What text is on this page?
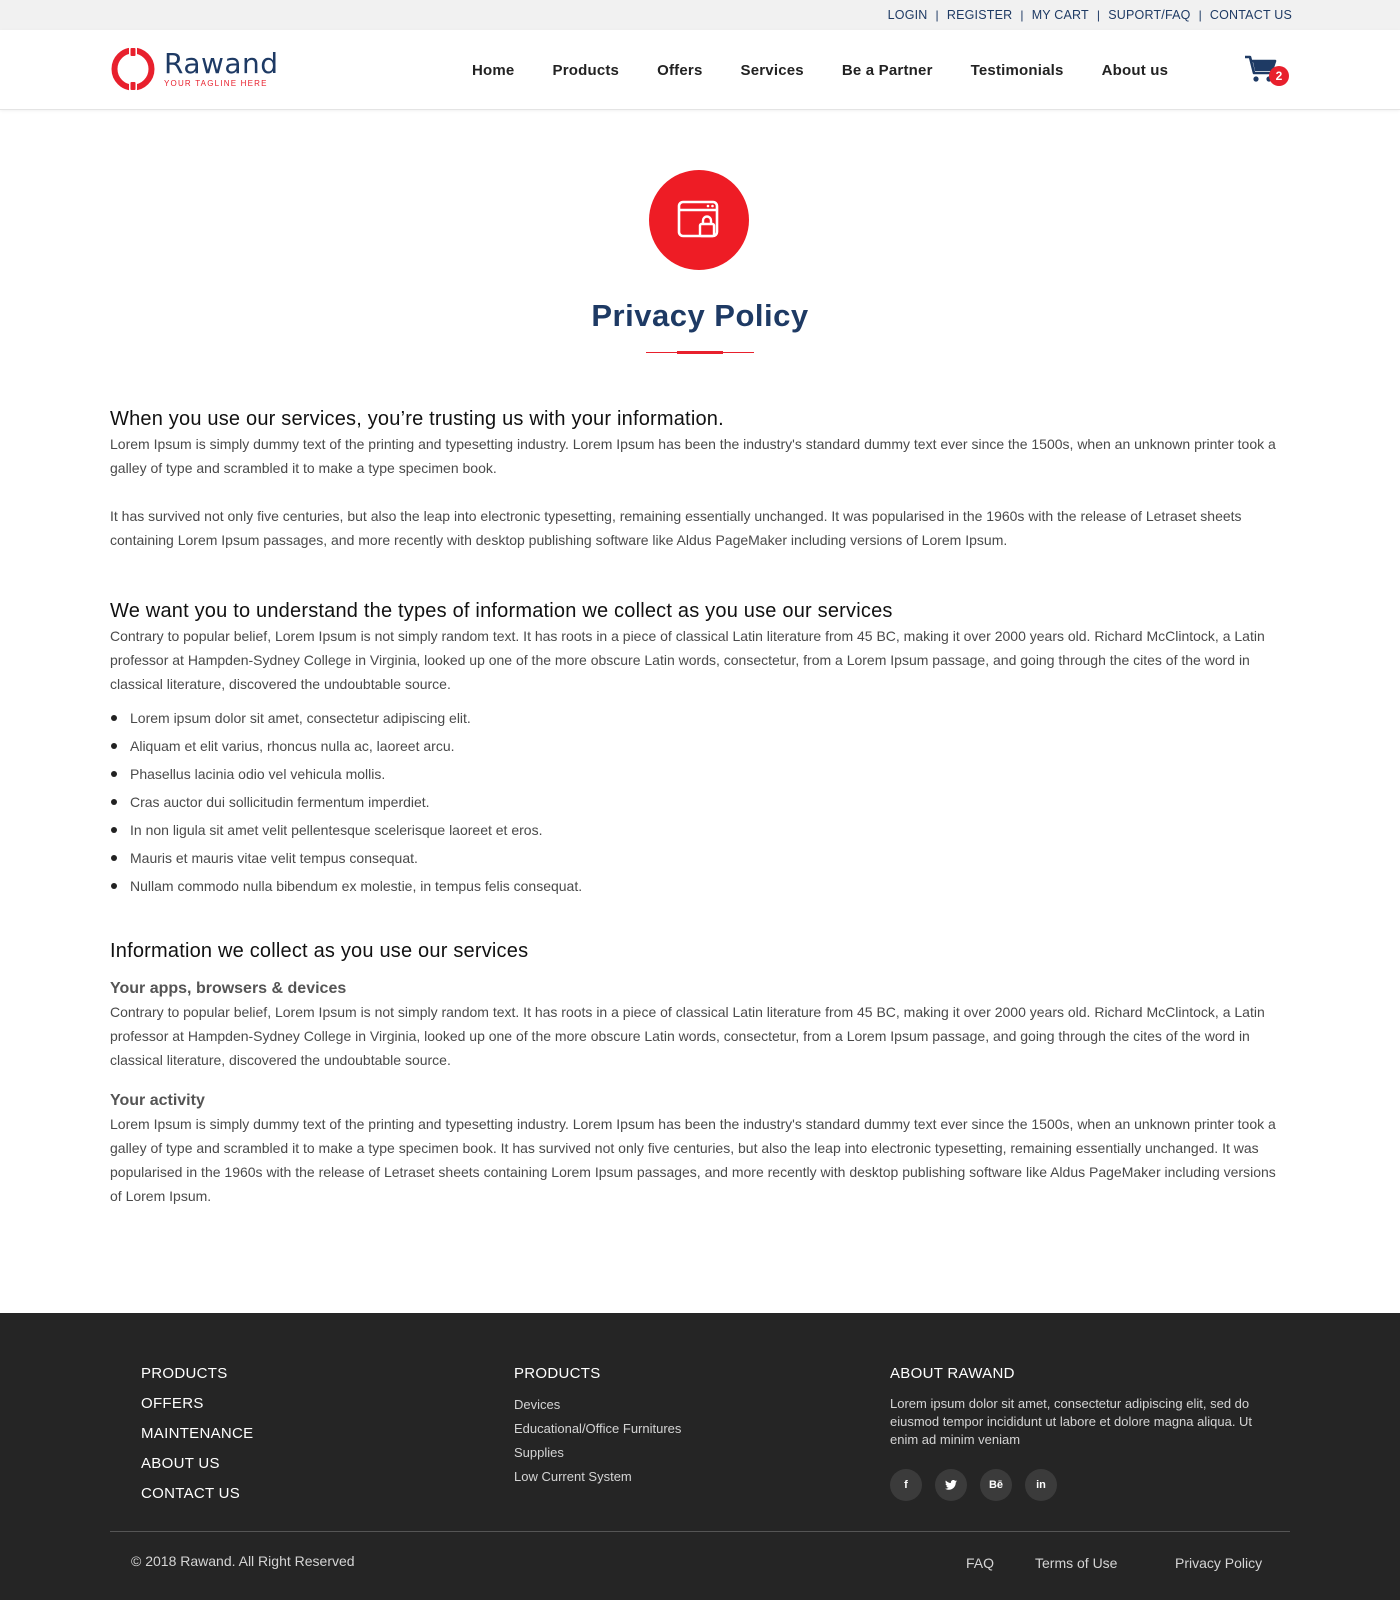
LOGIN | REGISTER | MY CART | SUPORT/FAQ | CONTACT US
Rawand
YOUR TAGLINE HERE
Home	Products	Offers	Services	Be a Partner	Testimonials	About us	2
Privacy Policy
When you use our services, you’re trusting us with your information.

Lorem Ipsum is simply dummy text of the printing and typesetting industry. Lorem Ipsum has been the industry's standard dummy text ever since the 1500s, when an unknown printer took a galley of type and scrambled it to make a type specimen book.

It has survived not only five centuries, but also the leap into electronic typesetting, remaining essentially unchanged. It was popularised in the 1960s with the release of Letraset sheets containing Lorem Ipsum passages, and more recently with desktop publishing software like Aldus PageMaker including versions of Lorem Ipsum.

We want you to understand the types of information we collect as you use our services

Contrary to popular belief, Lorem Ipsum is not simply random text. It has roots in a piece of classical Latin literature from 45 BC, making it over 2000 years old. Richard McClintock, a Latin professor at Hampden-Sydney College in Virginia, looked up one of the more obscure Latin words, consectetur, from a Lorem Ipsum passage, and going through the cites of the word in classical literature, discovered the undoubtable source.

Lorem ipsum dolor sit amet, consectetur adipiscing elit.
Aliquam et elit varius, rhoncus nulla ac, laoreet arcu.
Phasellus lacinia odio vel vehicula mollis.
Cras auctor dui sollicitudin fermentum imperdiet.
In non ligula sit amet velit pellentesque scelerisque laoreet et eros.
Mauris et mauris vitae velit tempus consequat.
Nullam commodo nulla bibendum ex molestie, in tempus felis consequat.
Information we collect as you use our services
Your apps, browsers & devices

Contrary to popular belief, Lorem Ipsum is not simply random text. It has roots in a piece of classical Latin literature from 45 BC, making it over 2000 years old. Richard McClintock, a Latin professor at Hampden-Sydney College in Virginia, looked up one of the more obscure Latin words, consectetur, from a Lorem Ipsum passage, and going through the cites of the word in classical literature, discovered the undoubtable source.

Your activity

Lorem Ipsum is simply dummy text of the printing and typesetting industry. Lorem Ipsum has been the industry's standard dummy text ever since the 1500s, when an unknown printer took a galley of type and scrambled it to make a type specimen book. It has survived not only five centuries, but also the leap into electronic typesetting, remaining essentially unchanged. It was popularised in the 1960s with the release of Letraset sheets containing Lorem Ipsum passages, and more recently with desktop publishing software like Aldus PageMaker including versions of Lorem Ipsum.

PRODUCTS
OFFERS
MAINTENANCE
ABOUT US
CONTACT US
PRODUCTS
Devices
Educational/Office Furnitures
Supplies
Low Current System
ABOUT RAWAND
Lorem ipsum dolor sit amet, consectetur adipiscing elit, sed do eiusmod tempor incididunt ut labore et dolore magna aliqua. Ut enim ad minim veniam
f	Bē	in
© 2018 Rawand. All Right Reserved	FAQ	Terms of Use	Privacy Policy
